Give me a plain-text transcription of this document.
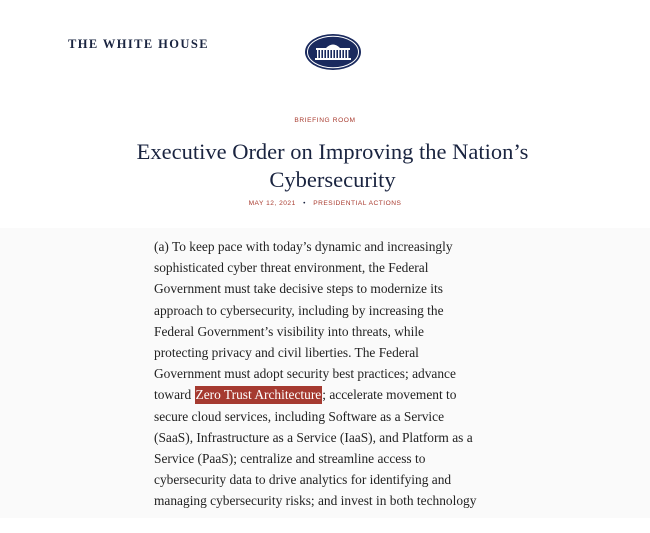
THE WHITE HOUSE
BRIEFING ROOM
Executive Order on Improving the Nation’s Cybersecurity
MAY 12, 2021 • PRESIDENTIAL ACTIONS

(a) To keep pace with today’s dynamic and increasingly
sophisticated cyber threat environment, the Federal
Government must take decisive steps to modernize its
approach to cybersecurity, including by increasing the
Federal Government’s visibility into threats, while
protecting privacy and civil liberties. The Federal
Government must adopt security best practices; advance
toward Zero Trust Architecture; accelerate movement to
secure cloud services, including Software as a Service
(SaaS), Infrastructure as a Service (IaaS), and Platform as a
Service (PaaS); centralize and streamline access to
cybersecurity data to drive analytics for identifying and
managing cybersecurity risks; and invest in both technology
